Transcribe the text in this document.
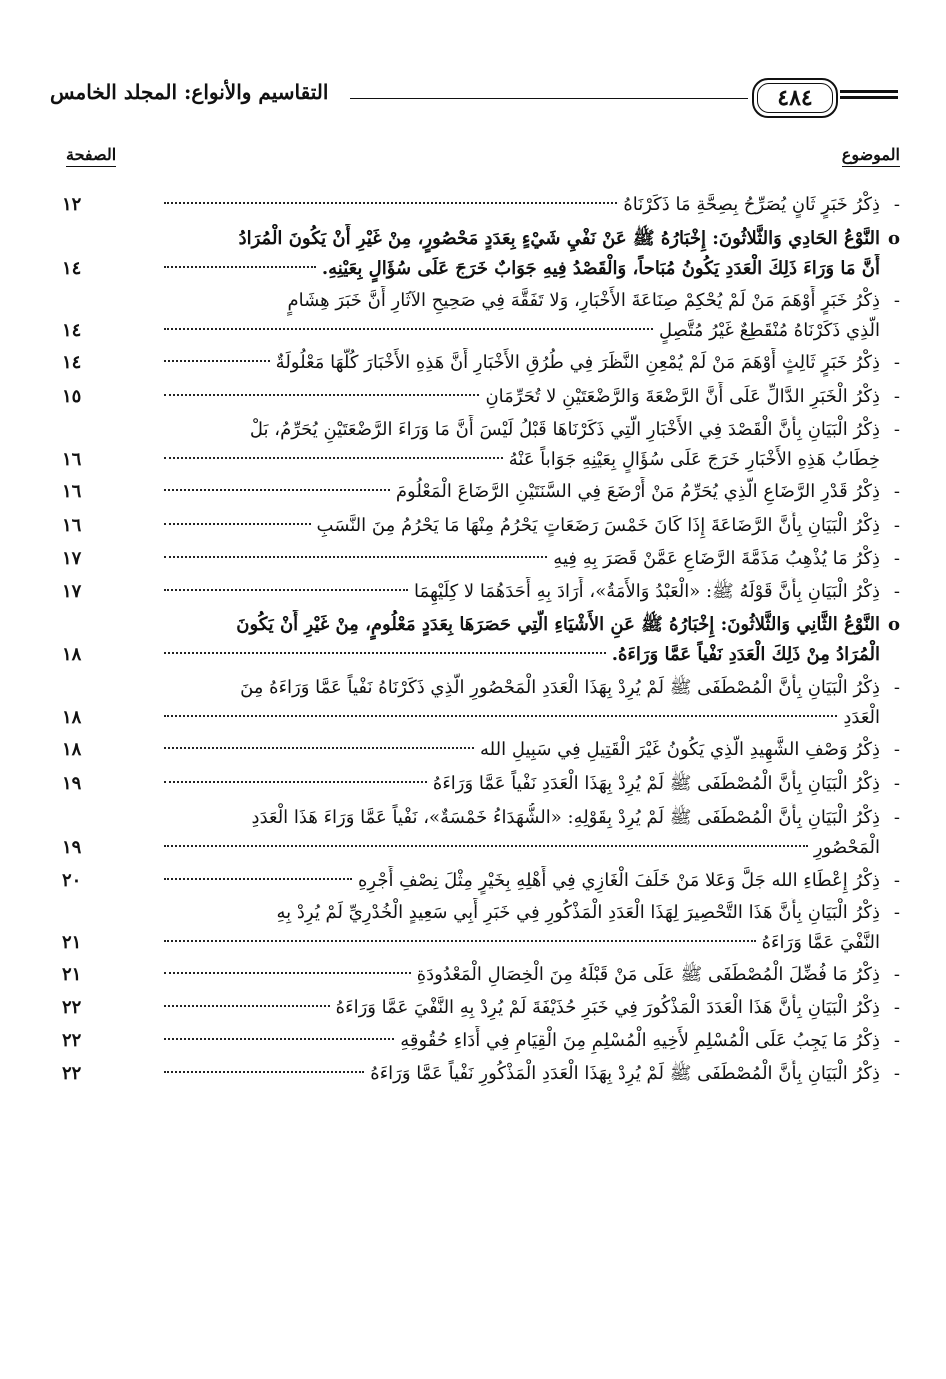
التقاسيم والأنواع: المجلد الخامس	٤٨٤
الموضوع
الصفحة
-
ذِكْرُ خَبَرٍ ثَانٍ يُصَرِّحُ بِصِحَّةِ مَا ذَكَرْنَاهُ
١٢
ο
النَّوْعُ الحَادِي وَالثَّلاثُونَ: إِخْبَارُهُ ﷺ عَنْ نَفْيِ شَيْءٍ بِعَدَدٍ مَحْصُورٍ، مِنْ غَيْرِ أَنْ يَكُونَ الْمُرَادُ
أَنَّ مَا وَرَاءَ ذَلِكَ الْعَدَدِ يَكُونُ مُبَاحاً، وَالْقَصْدُ فِيهِ جَوَابٌ خَرَجَ عَلَى سُؤَالٍ بِعَيْنِهِ.
١٤
-
ذِكْرُ خَبَرٍ أَوْهَمَ مَنْ لَمْ يُحْكِمْ صِنَاعَةَ الأَخْبَارِ، وَلا تَفَقَّهَ فِي صَحِيحِ الآثَارِ أَنَّ خَبَرَ هِشَامٍ
الَّذِي ذَكَرْنَاهُ مُنْقَطِعٌ غَيْرُ مُتَّصِلٍ
١٤
-
ذِكْرُ خَبَرٍ ثَالِثٍ أَوْهَمَ مَنْ لَمْ يُمْعِنِ النَّظَرَ فِي طُرُقِ الأَخْبَارِ أَنَّ هَذِهِ الأَخْبَارَ كُلَّهَا مَعْلُولَةٌ
١٤
-
ذِكْرُ الْخَبَرِ الدَّالِّ عَلَى أَنَّ الرَّضْعَةَ وَالرَّضْعَتَيْنِ لا تُحَرِّمَانِ
١٥
-
ذِكْرُ الْبَيَانِ بِأَنَّ الْقَصْدَ فِي الأَخْبَارِ الَّتِي ذَكَرْنَاهَا قَبْلُ لَيْسَ أَنَّ مَا وَرَاءَ الرَّضْعَتَيْنِ يُحَرِّمُ، بَلْ
خِطَابُ هَذِهِ الأَخْبَارِ خَرَجَ عَلَى سُؤَالٍ بِعَيْنِهِ جَوَاباً عَنْهُ
١٦
-
ذِكْرُ قَدْرِ الرَّضَاعِ الَّذِي يُحَرِّمُ مَنْ أَرْضَعَ فِي السَّنَتَيْنِ الرَّضَاعَ الْمَعْلُومَ
١٦
-
ذِكْرُ الْبَيَانِ بِأَنَّ الرَّضَاعَةَ إِذَا كَانَ خَمْسَ رَضَعَاتٍ يَحْرُمُ مِنْهَا مَا يَحْرُمُ مِنَ النَّسَبِ
١٦
-
ذِكْرُ مَا يُذْهِبُ مَذَمَّةَ الرَّضَاعِ عَمَّنْ قَصَرَ بِهِ فِيهِ
١٧
-
ذِكْرُ الْبَيَانِ بِأَنَّ قَوْلَهُ ﷺ: «الْعَبْدُ وَالأَمَةُ»، أَرَادَ بِهِ أَحَدَهُمَا لا كِلَيْهِمَا
١٧
ο
النَّوْعُ الثَّانِي وَالثَّلاثُونَ: إِخْبَارُهُ ﷺ عَنِ الأَشْيَاءِ الَّتِي حَصَرَهَا بِعَدَدٍ مَعْلُومٍ، مِنْ غَيْرِ أَنْ يَكُونَ
الْمُرَادُ مِنْ ذَلِكَ الْعَدَدِ نَفْياً عَمَّا وَرَاءَهُ.
١٨
-
ذِكْرُ الْبَيَانِ بِأَنَّ الْمُصْطَفَى ﷺ لَمْ يُرِدْ بِهَذَا الْعَدَدِ الْمَحْصُورِ الَّذِي ذَكَرْنَاهُ نَفْياً عَمَّا وَرَاءَهُ مِنَ
الْعَدَدِ
١٨
-
ذِكْرُ وَصْفِ الشَّهِيدِ الَّذِي يَكُونُ غَيْرَ الْقَتِيلِ فِي سَبِيلِ الله
١٨
-
ذِكْرُ الْبَيَانِ بِأَنَّ الْمُصْطَفَى ﷺ لَمْ يُرِدْ بِهَذَا الْعَدَدِ نَفْياً عَمَّا وَرَاءَهُ
١٩
-
ذِكْرُ الْبَيَانِ بِأَنَّ الْمُصْطَفَى ﷺ لَمْ يُرِدْ بِقَوْلِهِ: «الشُّهَدَاءُ خَمْسَةٌ»، نَفْياً عَمَّا وَرَاءَ هَذَا الْعَدَدِ
الْمَحْصُورِ
١٩
-
ذِكْرُ إِعْطَاءِ الله جَلَّ وَعَلا مَنْ خَلَفَ الْغَازِي فِي أَهْلِهِ بِخَيْرٍ مِثْلَ نِصْفِ أَجْرِهِ
٢٠
-
ذِكْرُ الْبَيَانِ بِأَنَّ هَذَا التَّحْصِيرَ لِهَذَا الْعَدَدِ الْمَذْكُورِ فِي خَبَرِ أَبِي سَعِيدٍ الْخُدْرِيِّ لَمْ يُرِدْ بِهِ
النَّفْيَ عَمَّا وَرَاءَهُ
٢١
-
ذِكْرُ مَا فُضِّلَ الْمُصْطَفَى ﷺ عَلَى مَنْ قَبْلَهُ مِنَ الْخِصَالِ الْمَعْدُودَةِ
٢١
-
ذِكْرُ الْبَيَانِ بِأَنَّ هَذَا الْعَدَدَ الْمَذْكُورَ فِي خَبَرِ حُذَيْفَةَ لَمْ يُرِدْ بِهِ النَّفْيَ عَمَّا وَرَاءَهُ
٢٢
-
ذِكْرُ مَا يَجِبُ عَلَى الْمُسْلِمِ لأَخِيهِ الْمُسْلِمِ مِنَ الْقِيَامِ فِي أَدَاءِ حُقُوقِهِ
٢٢
-
ذِكْرُ الْبَيَانِ بِأَنَّ الْمُصْطَفَى ﷺ لَمْ يُرِدْ بِهَذَا الْعَدَدِ الْمَذْكُورِ نَفْياً عَمَّا وَرَاءَهُ
٢٢
